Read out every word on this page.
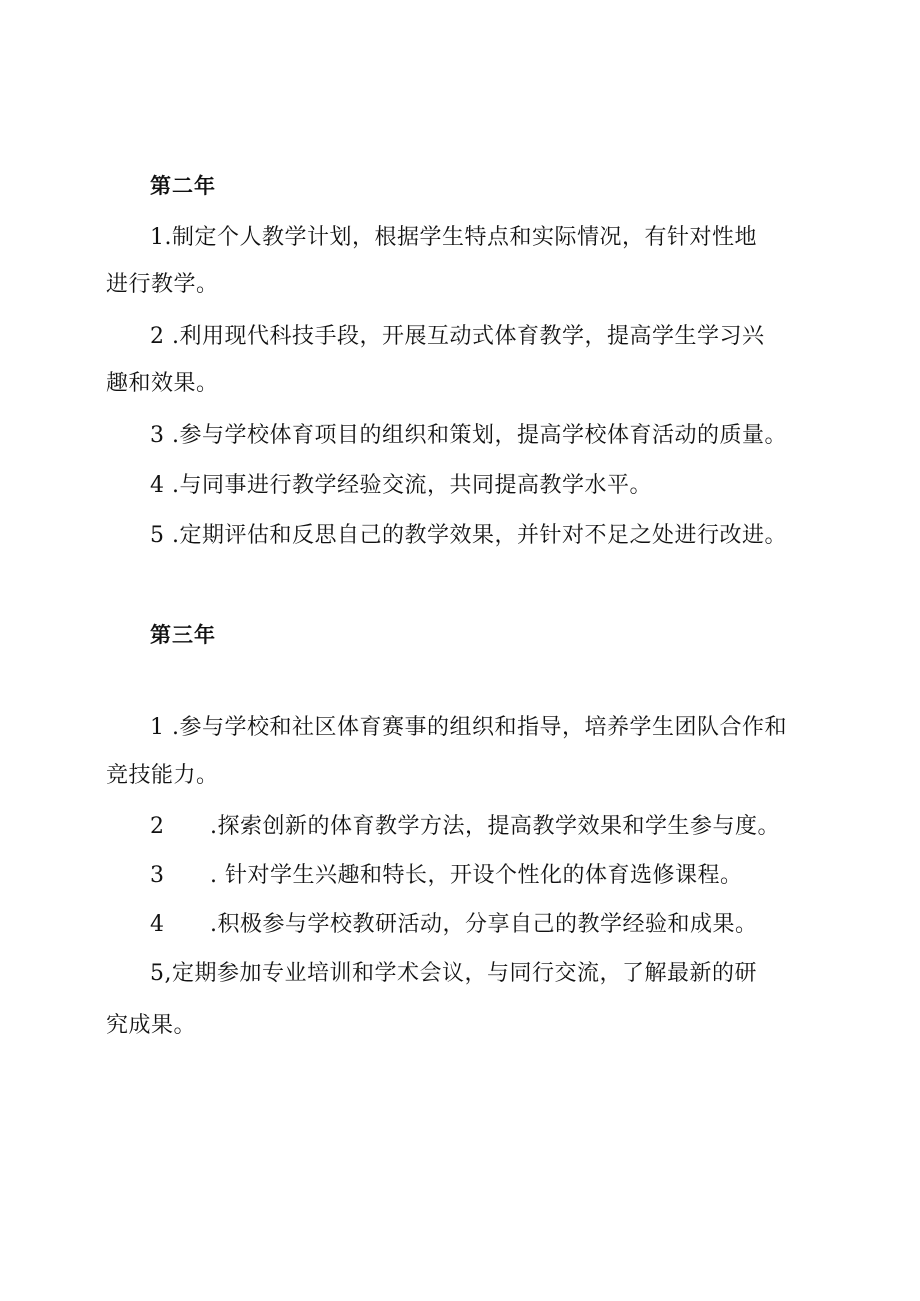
第二年
1.制定个人教学计划，根据学生特点和实际情况，有针对性地
进行教学。
2 .利用现代科技手段，开展互动式体育教学，提高学生学习兴
趣和效果。
3 .参与学校体育项目的组织和策划，提高学校体育活动的质量。
4 .与同事进行教学经验交流，共同提高教学水平。
5 .定期评估和反思自己的教学效果，并针对不足之处进行改进。
第三年
1 .参与学校和社区体育赛事的组织和指导，培养学生团队合作和
竞技能力。
2 .探索创新的体育教学方法，提高教学效果和学生参与度。
3 . 针对学生兴趣和特长，开设个性化的体育选修课程。
4 .积极参与学校教研活动，分享自己的教学经验和成果。
5,定期参加专业培训和学术会议，与同行交流，了解最新的研
究成果。
